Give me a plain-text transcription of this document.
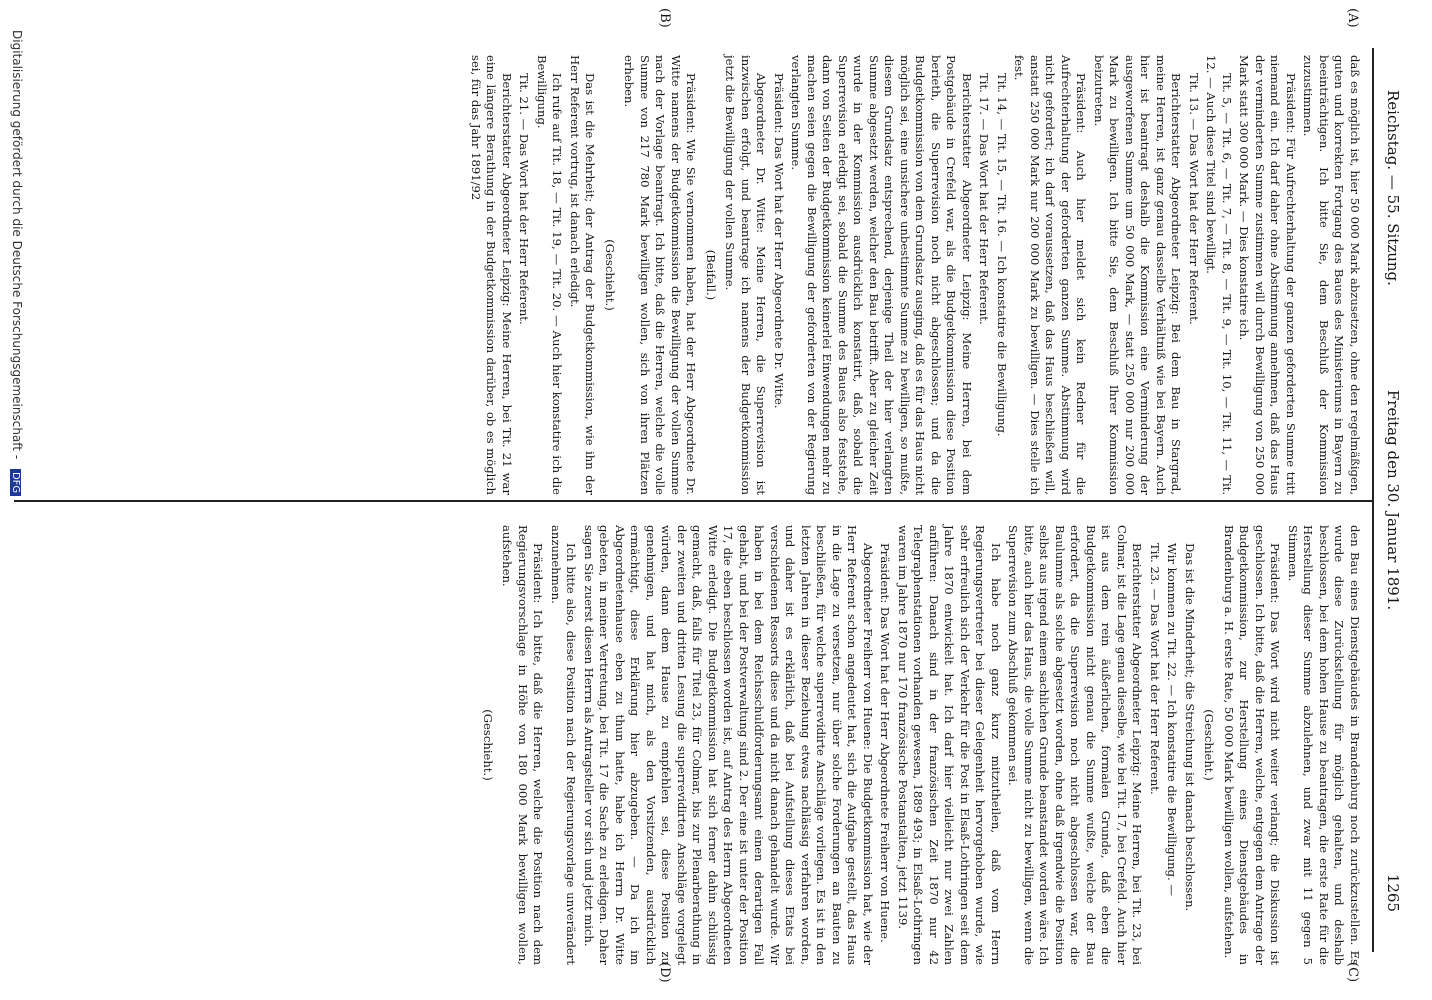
Reichstag. — 55. Sitzung.
Freitag den 30. Januar 1891.
1265
(A)
(B)
(C)
(D)

daß es möglich ist, hier 50 000 Mark abzusetzen, ohne den regelmäßigen, guten und korrekten Fortgang des Baues des Ministeriums in Bayern zu beeinträchtigen. Ich bitte Sie, dem Beschluß der Kommission zuzustimmen.

Präsident: Für Aufrechterhaltung der ganzen geforderten Summe tritt niemand ein. Ich darf daher ohne Abstimmung annehmen, daß das Haus der verminderten Summe zustimmen will durch Bewilligung von 250 000 Mark statt 300 000 Mark. — Dies konstatire ich.

Tit. 5, — Tit. 6, — Tit. 7, — Tit. 8, — Tit. 9, — Tit. 10, — Tit. 11, — Tit. 12. — Auch diese Titel sind bewilligt.

Tit. 13. — Das Wort hat der Herr Referent.

Berichterstatter Abgeordneter Leipzig: Bei dem Bau in Stargrad, meine Herren, ist ganz genau dasselbe Verhältniß wie bei Bayern. Auch hier ist beantragt deshalb die Kommission eine Verminderung der ausgeworfenen Summe um 50 000 Mark, — statt 250 000 nur 200 000 Mark zu bewilligen. Ich bitte Sie, dem Beschluß Ihrer Kommission beizutreten.

Präsident: Auch hier meldet sich kein Redner für die Aufrechterhaltung der geforderten ganzen Summe. Abstimmung wird nicht gefordert; ich darf voraussetzen, daß das Haus beschließen will, anstatt 250 000 Mark nur 200 000 Mark zu bewilligen. — Dies stelle ich fest.

Tit. 14, — Tit. 15, — Tit. 16. — Ich konstatire die Bewilligung.

Tit. 17. — Das Wort hat der Herr Referent.

Berichterstatter Abgeordneter Leipzig: Meine Herren, bei dem Postgebäude in Crefeld war, als die Budgetkommission diese Position berieth, die Superrevision noch nicht abgeschlossen; und da die Budgetkommission von dem Grundsatz ausging, daß es für das Haus nicht möglich sei, eine unsichere unbestimmte Summe zu bewilligen, so mußte, diesem Grundsatz entsprechend, derjenige Theil der hier verlangten Summe abgesetzt werden, welcher den Bau betrifft. Aber zu gleicher Zeit wurde in der Kommission ausdrücklich konstatirt, daß, sobald die Superrevision erledigt sei, sobald die Summe des Baues also feststehe, dann von Seiten der Budgetkommission keinerlei Einwendungen mehr zu machen seien gegen die Bewilligung der geforderten von der Regierung verlangten Summe.

Präsident: Das Wort hat der Herr Abgeordnete Dr. Witte.

Abgeordneter Dr. Witte: Meine Herren, die Superrevision ist inzwischen erfolgt, und beantrage ich namens der Budgetkommission jetzt die Bewilligung der vollen Summe.

(Beifall.)

Präsident: Wie Sie vernommen haben, hat der Herr Abgeordnete Dr. Witte namens der Budgetkommission die Bewilligung der vollen Summe nach der Vorlage beantragt. Ich bitte, daß die Herren, welche die volle Summe von 217 780 Mark bewilligen wollen, sich von ihren Plätzen erheben.

(Geschieht.)

Das ist die Mehrheit; der Antrag der Budgetkommission, wie ihn der Herr Referent vortrug, ist danach erledigt.

Ich rufe auf Tit. 18, — Tit. 19, — Tit. 20. — Auch hier konstatire ich die Bewilligung.

Tit. 21. — Das Wort hat der Herr Referent.

Berichterstatter Abgeordneter Leipzig: Meine Herren, bei Tit. 21 war eine längere Berathung in der Budgetkommission darüber, ob es möglich sei, für das Jahr 1891/92

den Bau eines Dienstgebäudes in Brandenburg noch zurückzustellen. Es wurde diese Zurückstellung für möglich gehalten, und deshalb beschlossen, bei dem hohen Hause zu beantragen, die erste Rate für die Herstellung dieser Summe abzulehnen, und zwar mit 11 gegen 5 Stimmen.

Präsident: Das Wort wird nicht weiter verlangt; die Diskussion ist geschlossen. Ich bitte, daß die Herren, welche, entgegen dem Antrage der Budgetkommission, zur Herstellung eines Dienstgebäudes in Brandenburg a. H. erste Rate, 50 000 Mark bewilligen wollen, aufstehen.

(Geschieht.)

Das ist die Minderheit; die Streichung ist danach beschlossen.

Wir kommen zu Tit. 22. — Ich konstatire die Bewilligung. —

Tit. 23. — Das Wort hat der Herr Referent.

Berichterstatter Abgeordneter Leipzig: Meine Herren, bei Tit. 23, bei Colmar, ist die Lage genau dieselbe, wie bei Tit. 17, bei Crefeld. Auch hier ist aus dem rein äußerlichen, formalen Grunde, daß eben die Budgetkommission nicht genau die Summe wußte, welche der Bau erfordert, da die Superrevision noch nicht abgeschlossen war, die Baulumme als solche abgesetzt worden, ohne daß irgendwie die Position selbst aus irgend einem sachlichen Grunde beanstandet worden wäre. Ich bitte, auch hier das Haus, die volle Summe nicht zu bewilligen, wenn die Superrevision zum Abschluß gekommen sei.

Ich habe noch ganz kurz mitzutheilen, daß vom Herrn Regierungsvertreter bei dieser Gelegenheit hervorgehoben wurde, wie sehr erfreulich sich der Verkehr für die Post in Elsaß-Lothringen seit dem Jahre 1870 entwickelt hat. Ich darf hier vielleicht nur zwei Zahlen anführen: Danach sind in der französischen Zeit 1870 nur 42 Telegraphenstationen vorhanden gewesen, 1889 493; in Elsaß-Lothringen waren im Jahre 1870 nur 170 französische Postanstalten, jetzt 1139.

Präsident: Das Wort hat der Herr Abgeordnete Freiherr von Huene.

Abgeordneter Freiherr von Huene: Die Budgetkommission hat, wie der Herr Referent schon angedeutet hat, sich die Aufgabe gestellt, das Haus in die Lage zu versetzen, nur über solche Forderungen an Bauten zu beschließen, für welche superrevidirte Anschläge vorliegen. Es ist in den letzten Jahren in dieser Beziehung etwas nachlässig verfahren worden, und daher ist es erklärlich, daß bei Aufstellung dieses Etats bei verschiedenen Ressorts diese und da nicht danach gehandelt wurde. Wir haben in bei dem Reichsschuldforderungsamt einen derartigen Fall gehabt, und bei der Postverwaltung sind 2. Der eine ist unter der Position 17, die eben beschlossen worden ist, auf Antrag des Herrn Abgeordneten Witte erledigt. Die Budgetkommission hat sich ferner dahin schlüssig gemacht, daß, falls für Titel 23, für Colmar, bis zur Plenarberathung in der zweiten und dritten Lesung die superrevidirten Anschläge vorgelegt würden, dann dem Hause zu empfehlen sei, diese Position zu genehmigen, und hat mich, als den Vorsitzenden, ausdrücklich ermächtigt, diese Erklärung hier abzugeben. — Da ich im Abgeordnetenhause eben zu thun hatte, habe ich Herrn Dr. Witte gebeten, in meiner Vertretung, bei Tit. 17 die Sache zu erledigen. Daher sagen Sie zuerst diesen Herrn als Antragsteller vor sich und jetzt mich.

Ich bitte also, diese Position nach der Regierungsvorlage unverändert anzunehmen.

Präsident: Ich bitte, daß die Herren, welche die Position nach dem Regierungsvorschlage in Höhe von 180 000 Mark bewilligen wollen, aufstehen.

(Geschieht.)

Digitalisierung gefördert durch die Deutsche Forschungsgemeinschaft - DFG
